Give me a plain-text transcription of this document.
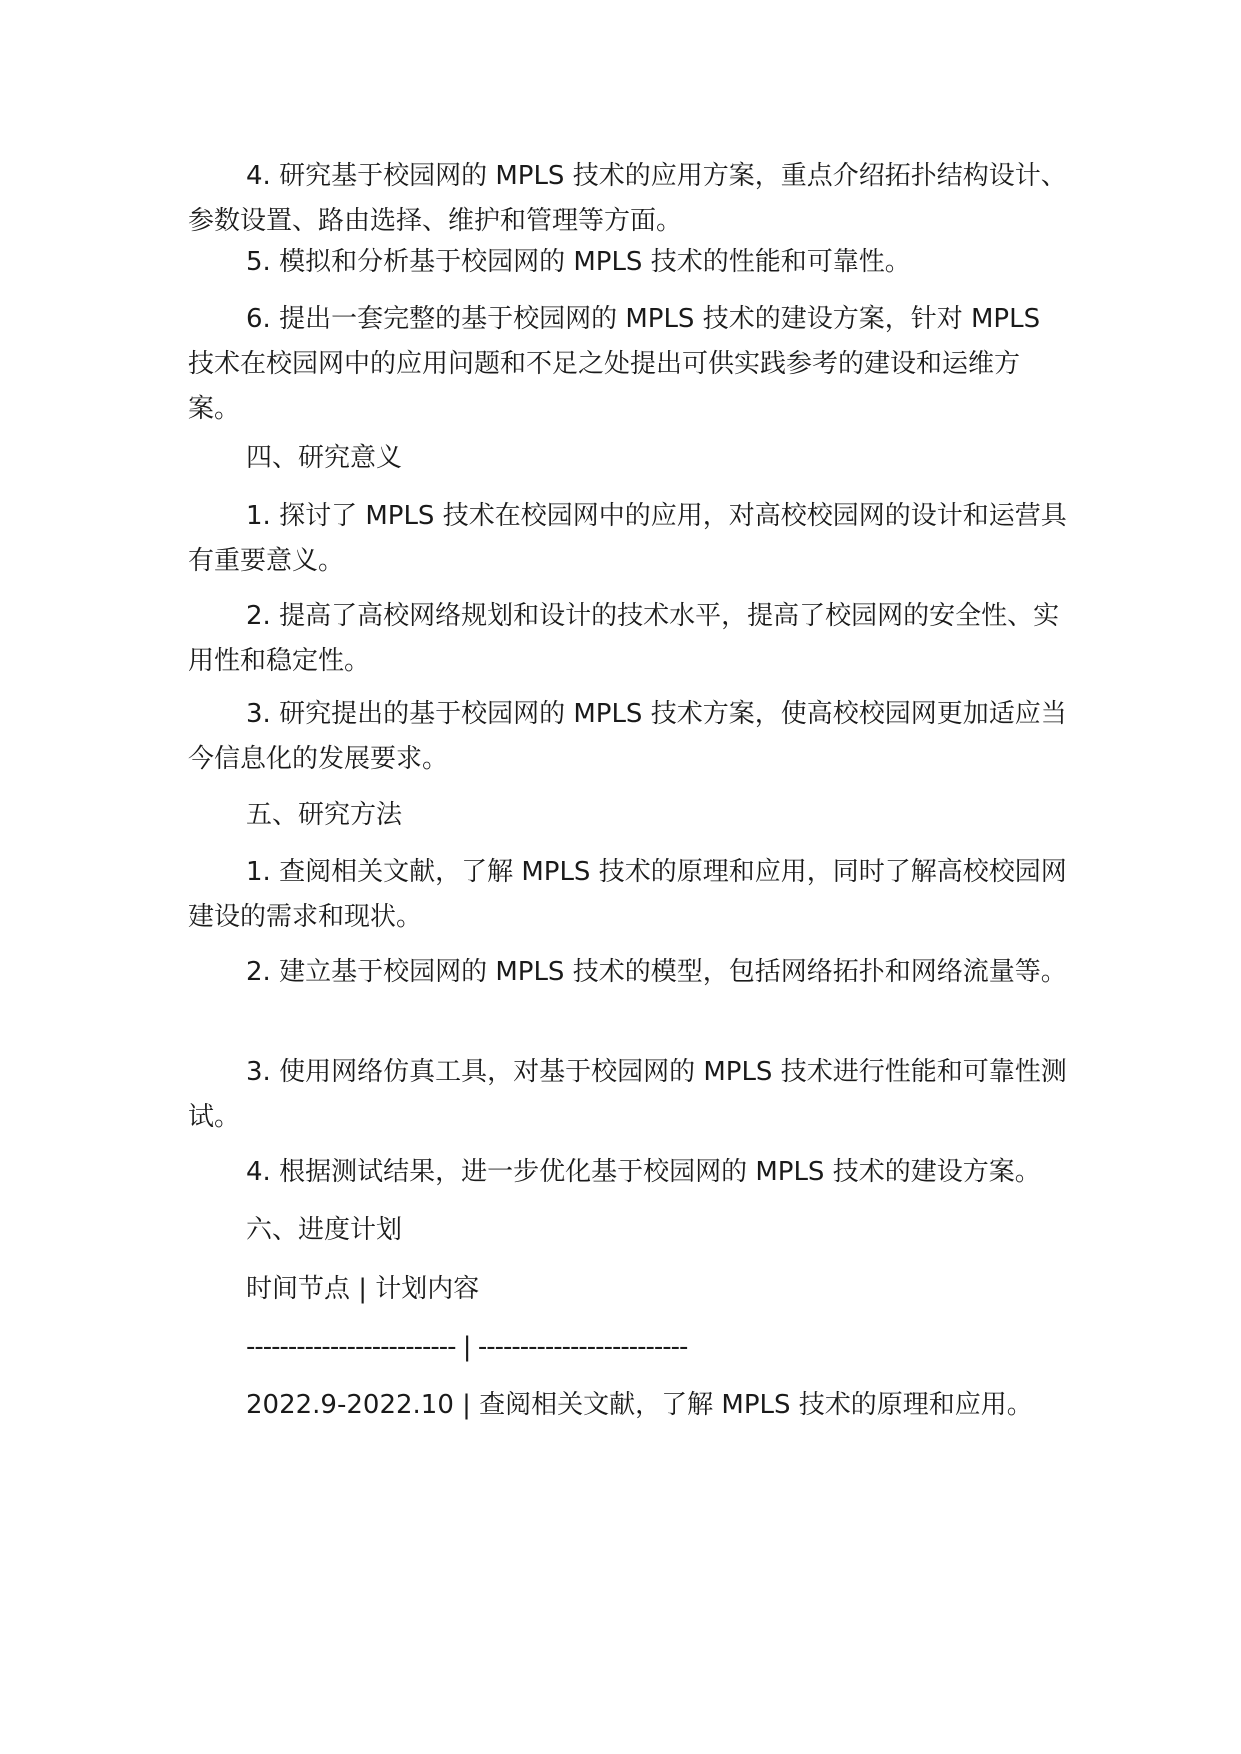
4. 研究基于校园网的 MPLS 技术的应用方案，重点介绍拓扑结构设计、参数设置、路由选择、维护和管理等方面。

5. 模拟和分析基于校园网的 MPLS 技术的性能和可靠性。

6. 提出一套完整的基于校园网的 MPLS 技术的建设方案，针对 MPLS 技术在校园网中的应用问题和不足之处提出可供实践参考的建设和运维方案。

四、研究意义

1. 探讨了 MPLS 技术在校园网中的应用，对高校校园网的设计和运营具有重要意义。

2. 提高了高校网络规划和设计的技术水平，提高了校园网的安全性、实用性和稳定性。

3. 研究提出的基于校园网的 MPLS 技术方案，使高校校园网更加适应当今信息化的发展要求。

五、研究方法

1. 查阅相关文献，了解 MPLS 技术的原理和应用，同时了解高校校园网建设的需求和现状。

2. 建立基于校园网的 MPLS 技术的模型，包括网络拓扑和网络流量等。

3. 使用网络仿真工具，对基于校园网的 MPLS 技术进行性能和可靠性测试。

4. 根据测试结果，进一步优化基于校园网的 MPLS 技术的建设方案。

六、进度计划

时间节点 | 计划内容

------------------------- | -------------------------

2022.9-2022.10 | 查阅相关文献，了解 MPLS 技术的原理和应用。
